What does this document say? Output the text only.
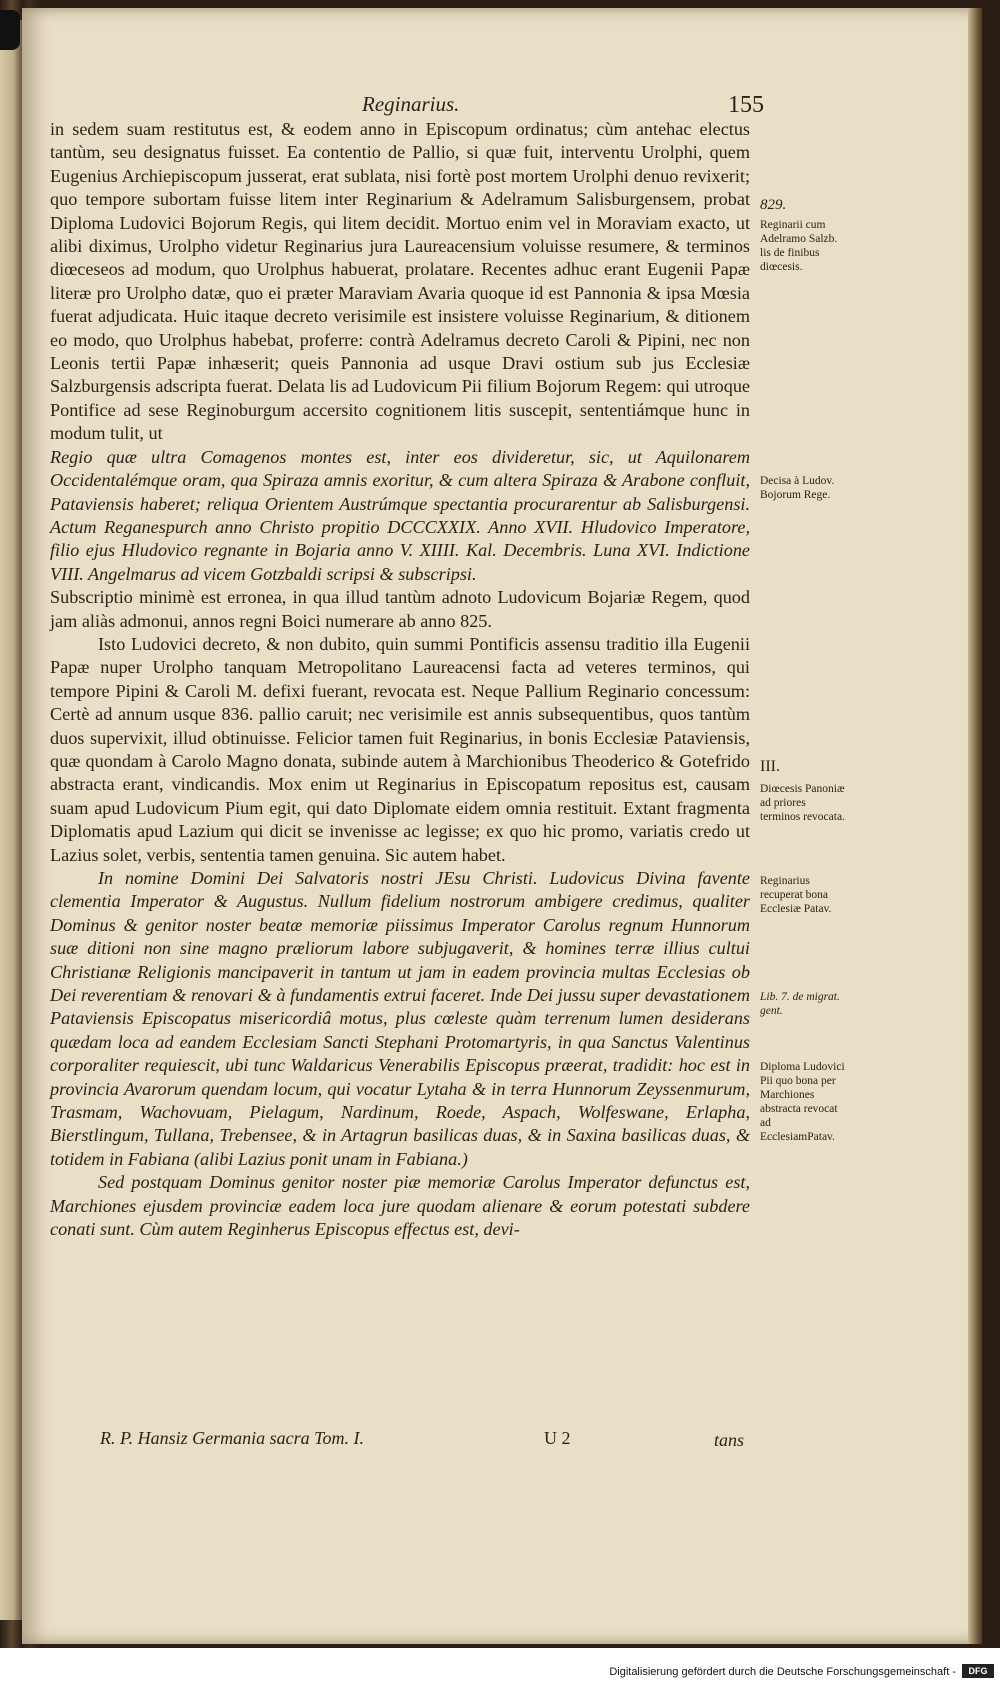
Reginarius.	155

in sedem suam restitutus est, & eodem anno in Episcopum ordinatus; cùm antehac electus tantùm, seu designatus fuisset. Ea contentio de Pallio, si quæ fuit, interventu Urolphi, quem Eugenius Archiepiscopum jusserat, erat sublata, nisi fortè post mortem Urolphi denuo revixerit; quo tempore subortam fuisse litem inter Reginarium & Adelramum Salisburgensem, probat Diploma Ludovici Bojorum Regis, qui litem decidit. Mortuo enim vel in Moraviam exacto, ut alibi diximus, Urolpho videtur Reginarius jura Laureacensium voluisse resumere, & terminos diœceseos ad modum, quo Urolphus habuerat, prolatare. Recentes adhuc erant Eugenii Papæ literæ pro Urolpho datæ, quo ei præter Maraviam Avaria quoque id est Pannonia & ipsa Mœsia fuerat adjudicata. Huic itaque decreto verisimile est insistere voluisse Reginarium, & ditionem eo modo, quo Urolphus habebat, proferre: contrà Adelramus decreto Caroli & Pipini, nec non Leonis tertii Papæ inhæserit; queis Pannonia ad usque Dravi ostium sub jus Ecclesiæ Salzburgensis adscripta fuerat. Delata lis ad Ludovicum Pii filium Bojorum Regem: qui utroque Pontifice ad sese Reginoburgum accersito cognitionem litis suscepit, sententiámque hunc in modum tulit, ut

Regio quæ ultra Comagenos montes est, inter eos divideretur, sic, ut Aquilonarem Occidentalémque oram, qua Spiraza amnis exoritur, & cum altera Spiraza & Arabone confluit, Pataviensis haberet; reliqua Orientem Austrúmque spectantia procurarentur ab Salisburgensi. Actum Reganespurch anno Christo propitio DCCCXXIX. Anno XVII. Hludovico Imperatore, filio ejus Hludovico regnante in Bojaria anno V. XIIII. Kal. Decembris. Luna XVI. Indictione VIII. Angelmarus ad vicem Gotzbaldi scripsi & subscripsi.

Subscriptio minimè est erronea, in qua illud tantùm adnoto Ludovicum Bojariæ Regem, quod jam aliàs admonui, annos regni Boici numerare ab anno 825.

Isto Ludovici decreto, & non dubito, quin summi Pontificis assensu traditio illa Eugenii Papæ nuper Urolpho tanquam Metropolitano Laureacensi facta ad veteres terminos, qui tempore Pipini & Caroli M. defixi fuerant, revocata est. Neque Pallium Reginario concessum: Certè ad annum usque 836. pallio caruit; nec verisimile est annis subsequentibus, quos tantùm duos supervixit, illud obtinuisse. Felicior tamen fuit Reginarius, in bonis Ecclesiæ Pataviensis, quæ quondam à Carolo Magno donata, subinde autem à Marchionibus Theoderico & Gotefrido abstracta erant, vindicandis. Mox enim ut Reginarius in Episcopatum repositus est, causam suam apud Ludovicum Pium egit, qui dato Diplomate eidem omnia restituit. Extant fragmenta Diplomatis apud Lazium qui dicit se invenisse ac legisse; ex quo hic promo, variatis credo ut Lazius solet, verbis, sententia tamen genuina. Sic autem habet.

In nomine Domini Dei Salvatoris nostri JEsu Christi. Ludovicus Divina favente clementia Imperator & Augustus. Nullum fidelium nostrorum ambigere credimus, qualiter Dominus & genitor noster beatæ memoriæ piissimus Imperator Carolus regnum Hunnorum suæ ditioni non sine magno præliorum labore subjugaverit, & homines terræ illius cultui Christianæ Religionis mancipaverit in tantum ut jam in eadem provincia multas Ecclesias ob Dei reverentiam & renovari & à fundamentis extrui faceret. Inde Dei jussu super devastationem Pataviensis Episcopatus misericordiâ motus, plus cœleste quàm terrenum lumen desiderans quædam loca ad eandem Ecclesiam Sancti Stephani Protomartyris, in qua Sanctus Valentinus corporaliter requiescit, ubi tunc Waldaricus Venerabilis Episcopus præerat, tradidit: hoc est in provincia Avarorum quendam locum, qui vocatur Lytaha & in terra Hunnorum Zeyssenmurum, Trasmam, Wachovuam, Pielagum, Nardinum, Roede, Aspach, Wolfeswane, Erlapha, Bierstlingum, Tullana, Trebensee, & in Artagrun basilicas duas, & in Saxina basilicas duas, & totidem in Fabiana (alibi Lazius ponit unam in Fabiana.)

Sed postquam Dominus genitor noster piæ memoriæ Carolus Imperator defunctus est, Marchiones ejusdem provinciæ eadem loca jure quodam alienare & eorum potestati subdere conati sunt. Cùm autem Reginherus Episcopus effectus est, devi-

829.
Reginarii cum Adelramo Salzb. lis de finibus diœcesis.
Decisa à Ludov. Bojorum Rege.
III.
Diœcesis Panoniæ ad priores terminos revocata.
Reginarius recuperat bona Ecclesiæ Patav.
Lib. 7. de migrat. gent.
Diploma Ludovici Pii quo bona per Marchiones abstracta revocat ad EcclesiamPatav.
R. P. Hansiz Germania sacra Tom. I.	U 2	tans
Digitalisierung gefördert durch die Deutsche Forschungsgemeinschaft -	DFG
